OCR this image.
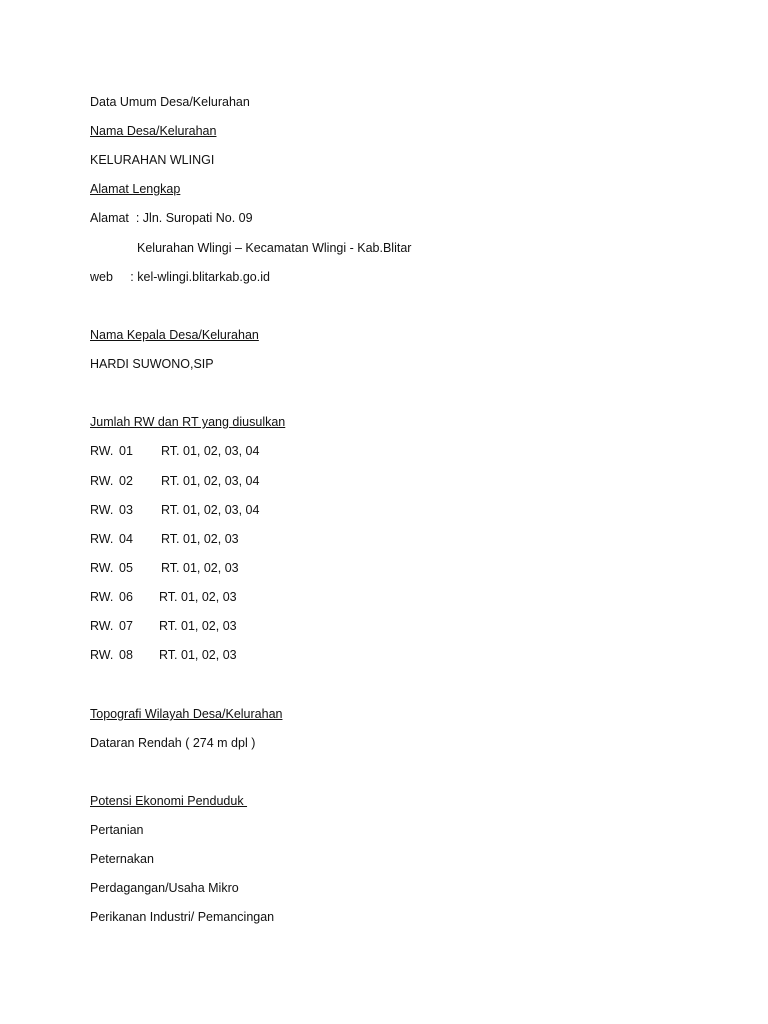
Data Umum Desa/Kelurahan
Nama Desa/Kelurahan
KELURAHAN WLINGI
Alamat Lengkap
Alamat  : Jln. Suropati No. 09
Kelurahan Wlingi – Kecamatan Wlingi - Kab.Blitar
web     : kel-wlingi.blitarkab.go.id
Nama Kepala Desa/Kelurahan
HARDI SUWONO,SIP
Jumlah RW dan RT yang diusulkan
RW. 01 RT. 01, 02, 03, 04
RW. 02 RT. 01, 02, 03, 04
RW. 03 RT. 01, 02, 03, 04
RW. 04 RT. 01, 02, 03
RW. 05 RT. 01, 02, 03
RW. 06 RT. 01, 02, 03
RW. 07 RT. 01, 02, 03
RW. 08 RT. 01, 02, 03
Topografi Wilayah Desa/Kelurahan
Dataran Rendah ( 274 m dpl )
Potensi Ekonomi Penduduk
Pertanian
Peternakan
Perdagangan/Usaha Mikro
Perikanan Industri/ Pemancingan
